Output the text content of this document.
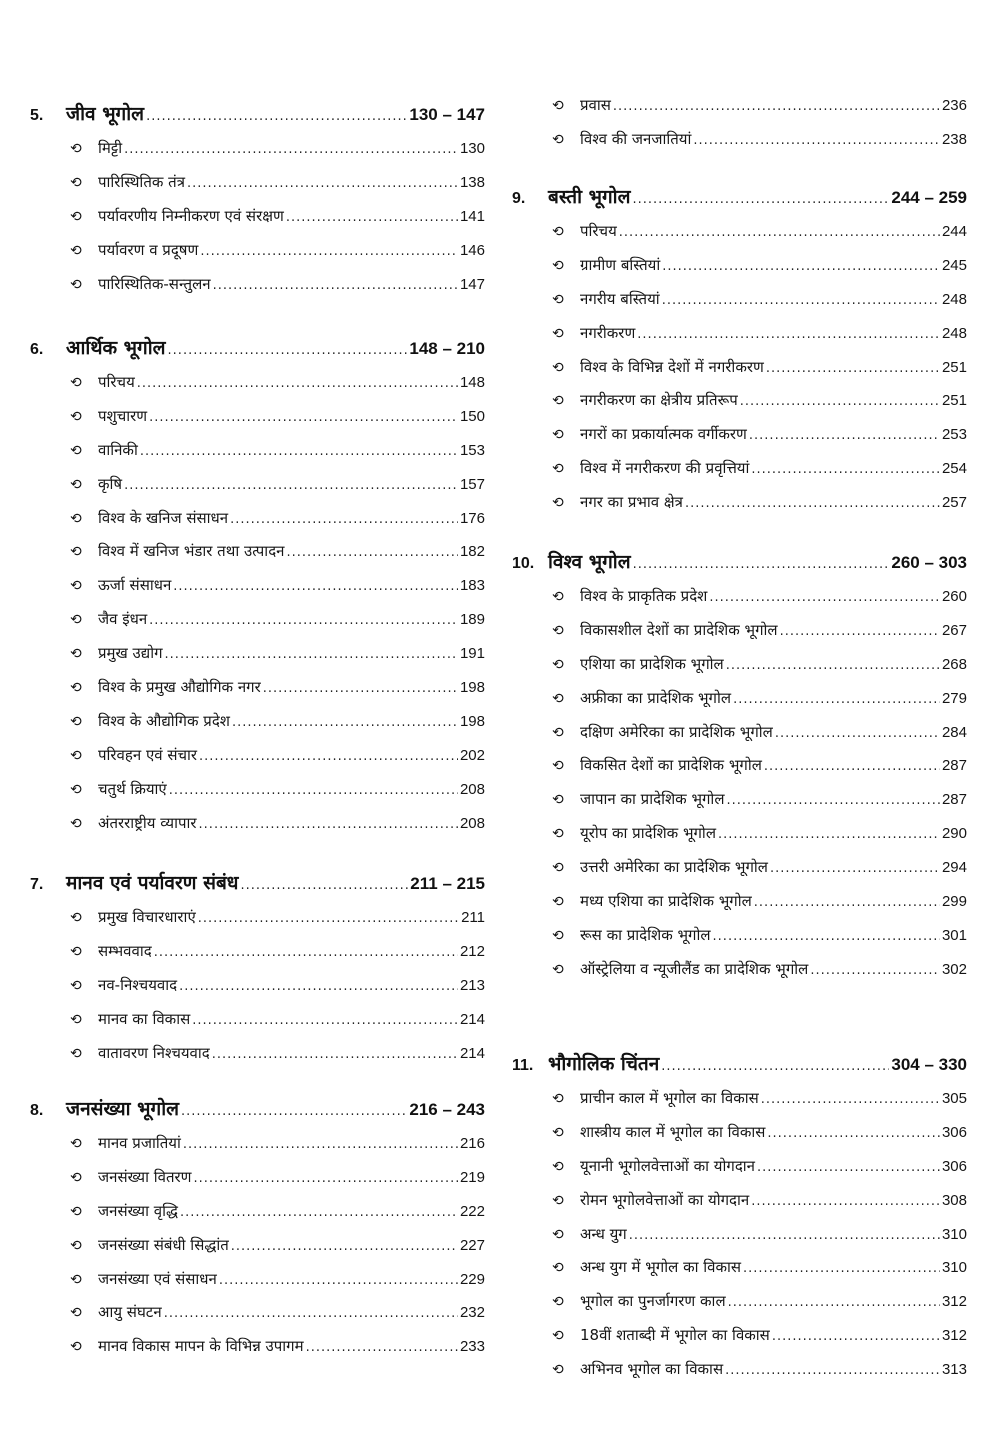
5.	जीव भूगोल .....	130 – 147
⟲	मिट्टी .....	130
⟲	पारिस्थितिक तंत्र .....	138
⟲	पर्यावरणीय निम्नीकरण एवं संरक्षण .....	141
⟲	पर्यावरण व प्रदूषण .....	146
⟲	पारिस्थितिक-सन्तुलन .....	147
6.	आर्थिक भूगोल .....	148 – 210
⟲	परिचय .....	148
⟲	पशुचारण .....	150
⟲	वानिकी .....	153
⟲	कृषि .....	157
⟲	विश्व के खनिज संसाधन .....	176
⟲	विश्व में खनिज भंडार तथा उत्पादन .....	182
⟲	ऊर्जा संसाधन .....	183
⟲	जैव इंधन .....	189
⟲	प्रमुख उद्योग .....	191
⟲	विश्व के प्रमुख औद्योगिक नगर .....	198
⟲	विश्व के औद्योगिक प्रदेश .....	198
⟲	परिवहन एवं संचार .....	202
⟲	चतुर्थ क्रियाएं .....	208
⟲	अंतरराष्ट्रीय व्यापार .....	208
7.	मानव एवं पर्यावरण संबंध .....	211 – 215
⟲	प्रमुख विचारधाराएं .....	211
⟲	सम्भववाद .....	212
⟲	नव-निश्चयवाद .....	213
⟲	मानव का विकास .....	214
⟲	वातावरण निश्चयवाद .....	214
8.	जनसंख्या भूगोल .....	216 – 243
⟲	मानव प्रजातियां .....	216
⟲	जनसंख्या वितरण .....	219
⟲	जनसंख्या वृद्धि .....	222
⟲	जनसंख्या संबंधी सिद्धांत .....	227
⟲	जनसंख्या एवं संसाधन .....	229
⟲	आयु संघटन .....	232
⟲	मानव विकास मापन के विभिन्न उपागम .....	233
⟲	प्रवास .....	236
⟲	विश्व की जनजातियां .....	238
9.	बस्ती भूगोल .....	244 – 259
⟲	परिचय .....	244
⟲	ग्रामीण बस्तियां .....	245
⟲	नगरीय बस्तियां .....	248
⟲	नगरीकरण .....	248
⟲	विश्व के विभिन्न देशों में नगरीकरण .....	251
⟲	नगरीकरण का क्षेत्रीय प्रतिरूप .....	251
⟲	नगरों का प्रकार्यात्मक वर्गीकरण .....	253
⟲	विश्व में नगरीकरण की प्रवृत्तियां .....	254
⟲	नगर का प्रभाव क्षेत्र .....	257
10. विश्व भूगोल .....	260 – 303
⟲	विश्व के प्राकृतिक प्रदेश .....	260
⟲	विकासशील देशों का प्रादेशिक भूगोल .....	267
⟲	एशिया का प्रादेशिक भूगोल .....	268
⟲	अफ्रीका का प्रादेशिक भूगोल .....	279
⟲	दक्षिण अमेरिका का प्रादेशिक भूगोल .....	284
⟲	विकसित देशों का प्रादेशिक भूगोल .....	287
⟲	जापान का प्रादेशिक भूगोल .....	287
⟲	यूरोप का प्रादेशिक भूगोल .....	290
⟲	उत्तरी अमेरिका का प्रादेशिक भूगोल .....	294
⟲	मध्य एशिया का प्रादेशिक भूगोल .....	299
⟲	रूस का प्रादेशिक भूगोल .....	301
⟲	ऑस्ट्रेलिया व न्यूजीलैंड का प्रादेशिक भूगोल .....	302
11. भौगोलिक चिंतन .....	304 – 330
⟲	प्राचीन काल में भूगोल का विकास .....	305
⟲	शास्त्रीय काल में भूगोल का विकास .....	306
⟲	यूनानी भूगोलवेत्ताओं का योगदान .....	306
⟲	रोमन भूगोलवेत्ताओं का योगदान .....	308
⟲	अन्ध युग .....	310
⟲	अन्ध युग में भूगोल का विकास .....	310
⟲	भूगोल का पुनर्जागरण काल .....	312
⟲	18वीं शताब्दी में भूगोल का विकास .....	312
⟲	अभिनव भूगोल का विकास .....	313
